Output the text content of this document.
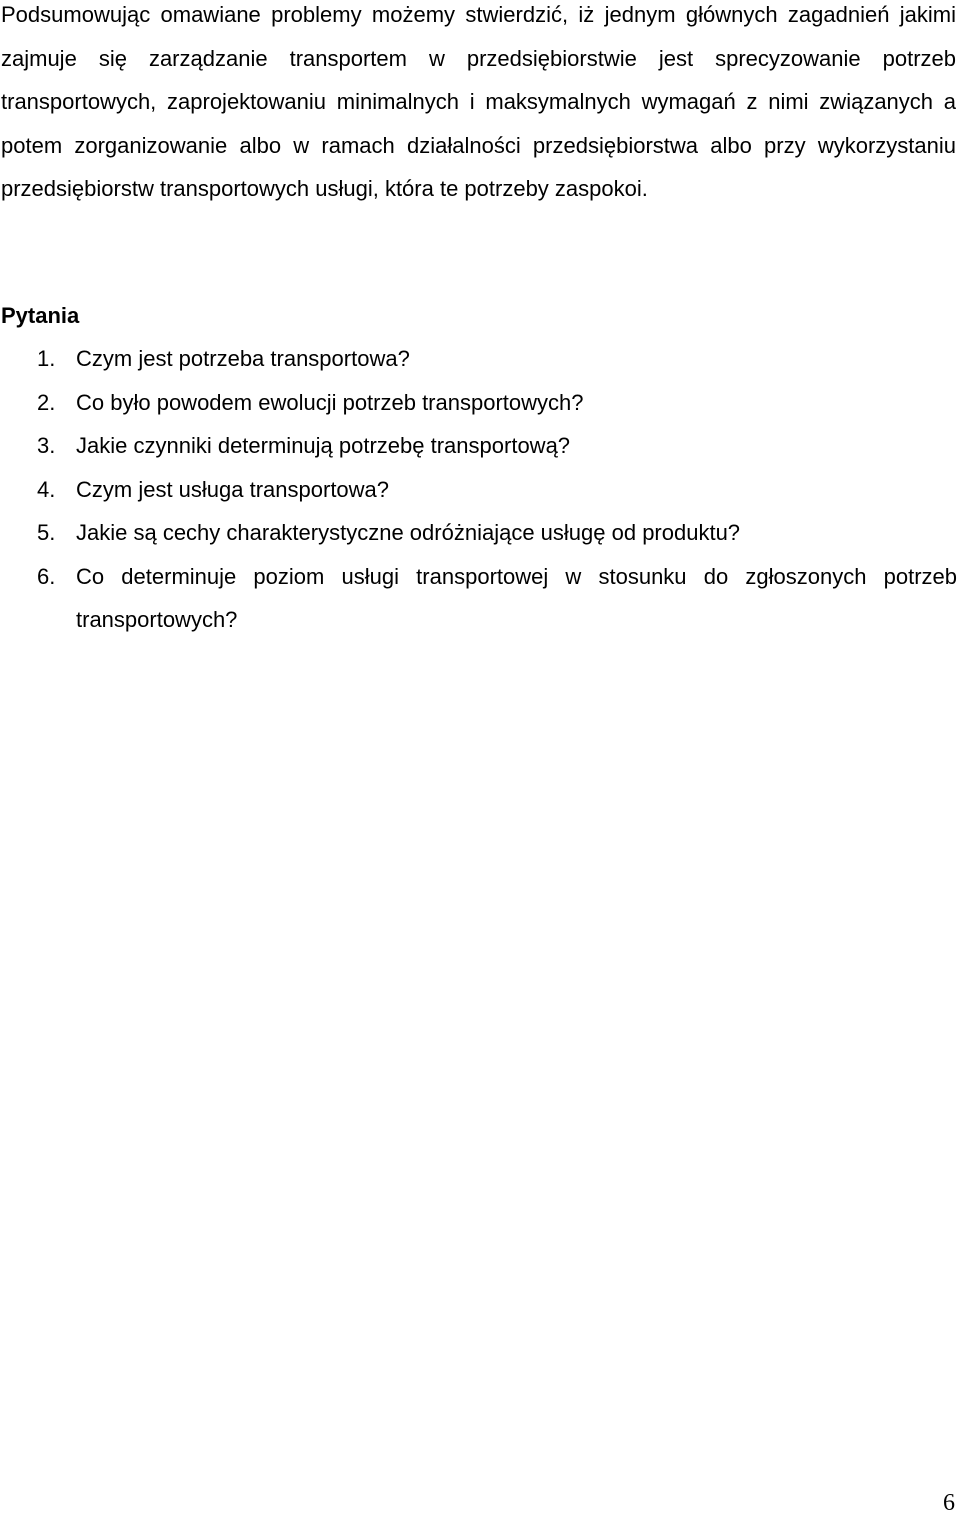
Podsumowując omawiane problemy możemy stwierdzić, iż jednym głównych zagadnień jakimi zajmuje się zarządzanie transportem w przedsiębiorstwie jest sprecyzowanie potrzeb transportowych, zaprojektowaniu minimalnych i maksymalnych wymagań z nimi związanych a potem zorganizowanie albo w ramach działalności przedsiębiorstwa albo przy wykorzystaniu przedsiębiorstw transportowych usługi, która te potrzeby zaspokoi.

Pytania
1. Czym jest potrzeba transportowa?
2. Co było powodem ewolucji potrzeb transportowych?
3. Jakie czynniki determinują potrzebę transportową?
4. Czym jest usługa transportowa?
5. Jakie są cechy charakterystyczne odróżniające usługę od produktu?
6. Co determinuje poziom usługi transportowej w stosunku do zgłoszonych potrzeb transportowych?
6
